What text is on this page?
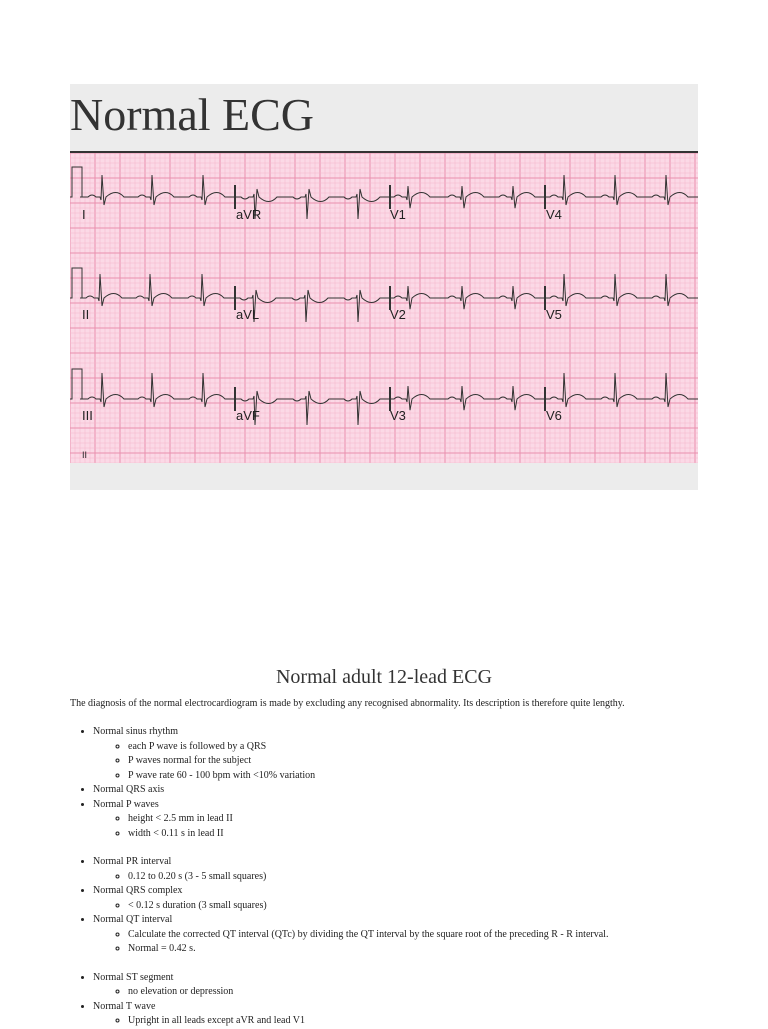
Normal ECG
I	aVR	V1	V4
II	aVL	V2	V5
III	aVF	V3	V6
II
Normal adult 12-lead ECG

The diagnosis of the normal electrocardiogram is made by excluding any recognised abnormality. Its description is therefore quite lengthy.

• Normal sinus rhythm
◦ each P wave is followed by a QRS
◦ P waves normal for the subject
◦ P wave rate 60 - 100 bpm with <10% variation
• Normal QRS axis
• Normal P waves
◦ height < 2.5 mm in lead II
◦ width < 0.11 s in lead II
• Normal PR interval
◦ 0.12 to 0.20 s (3 - 5 small squares)
• Normal QRS complex
◦ < 0.12 s duration (3 small squares)
• Normal QT interval
◦ Calculate the corrected QT interval (QTc) by dividing the QT interval by the square root of the preceding R - R interval.
◦ Normal = 0.42 s.
• Normal ST segment
◦ no elevation or depression
• Normal T wave
◦ Upright in all leads except aVR and lead V1
